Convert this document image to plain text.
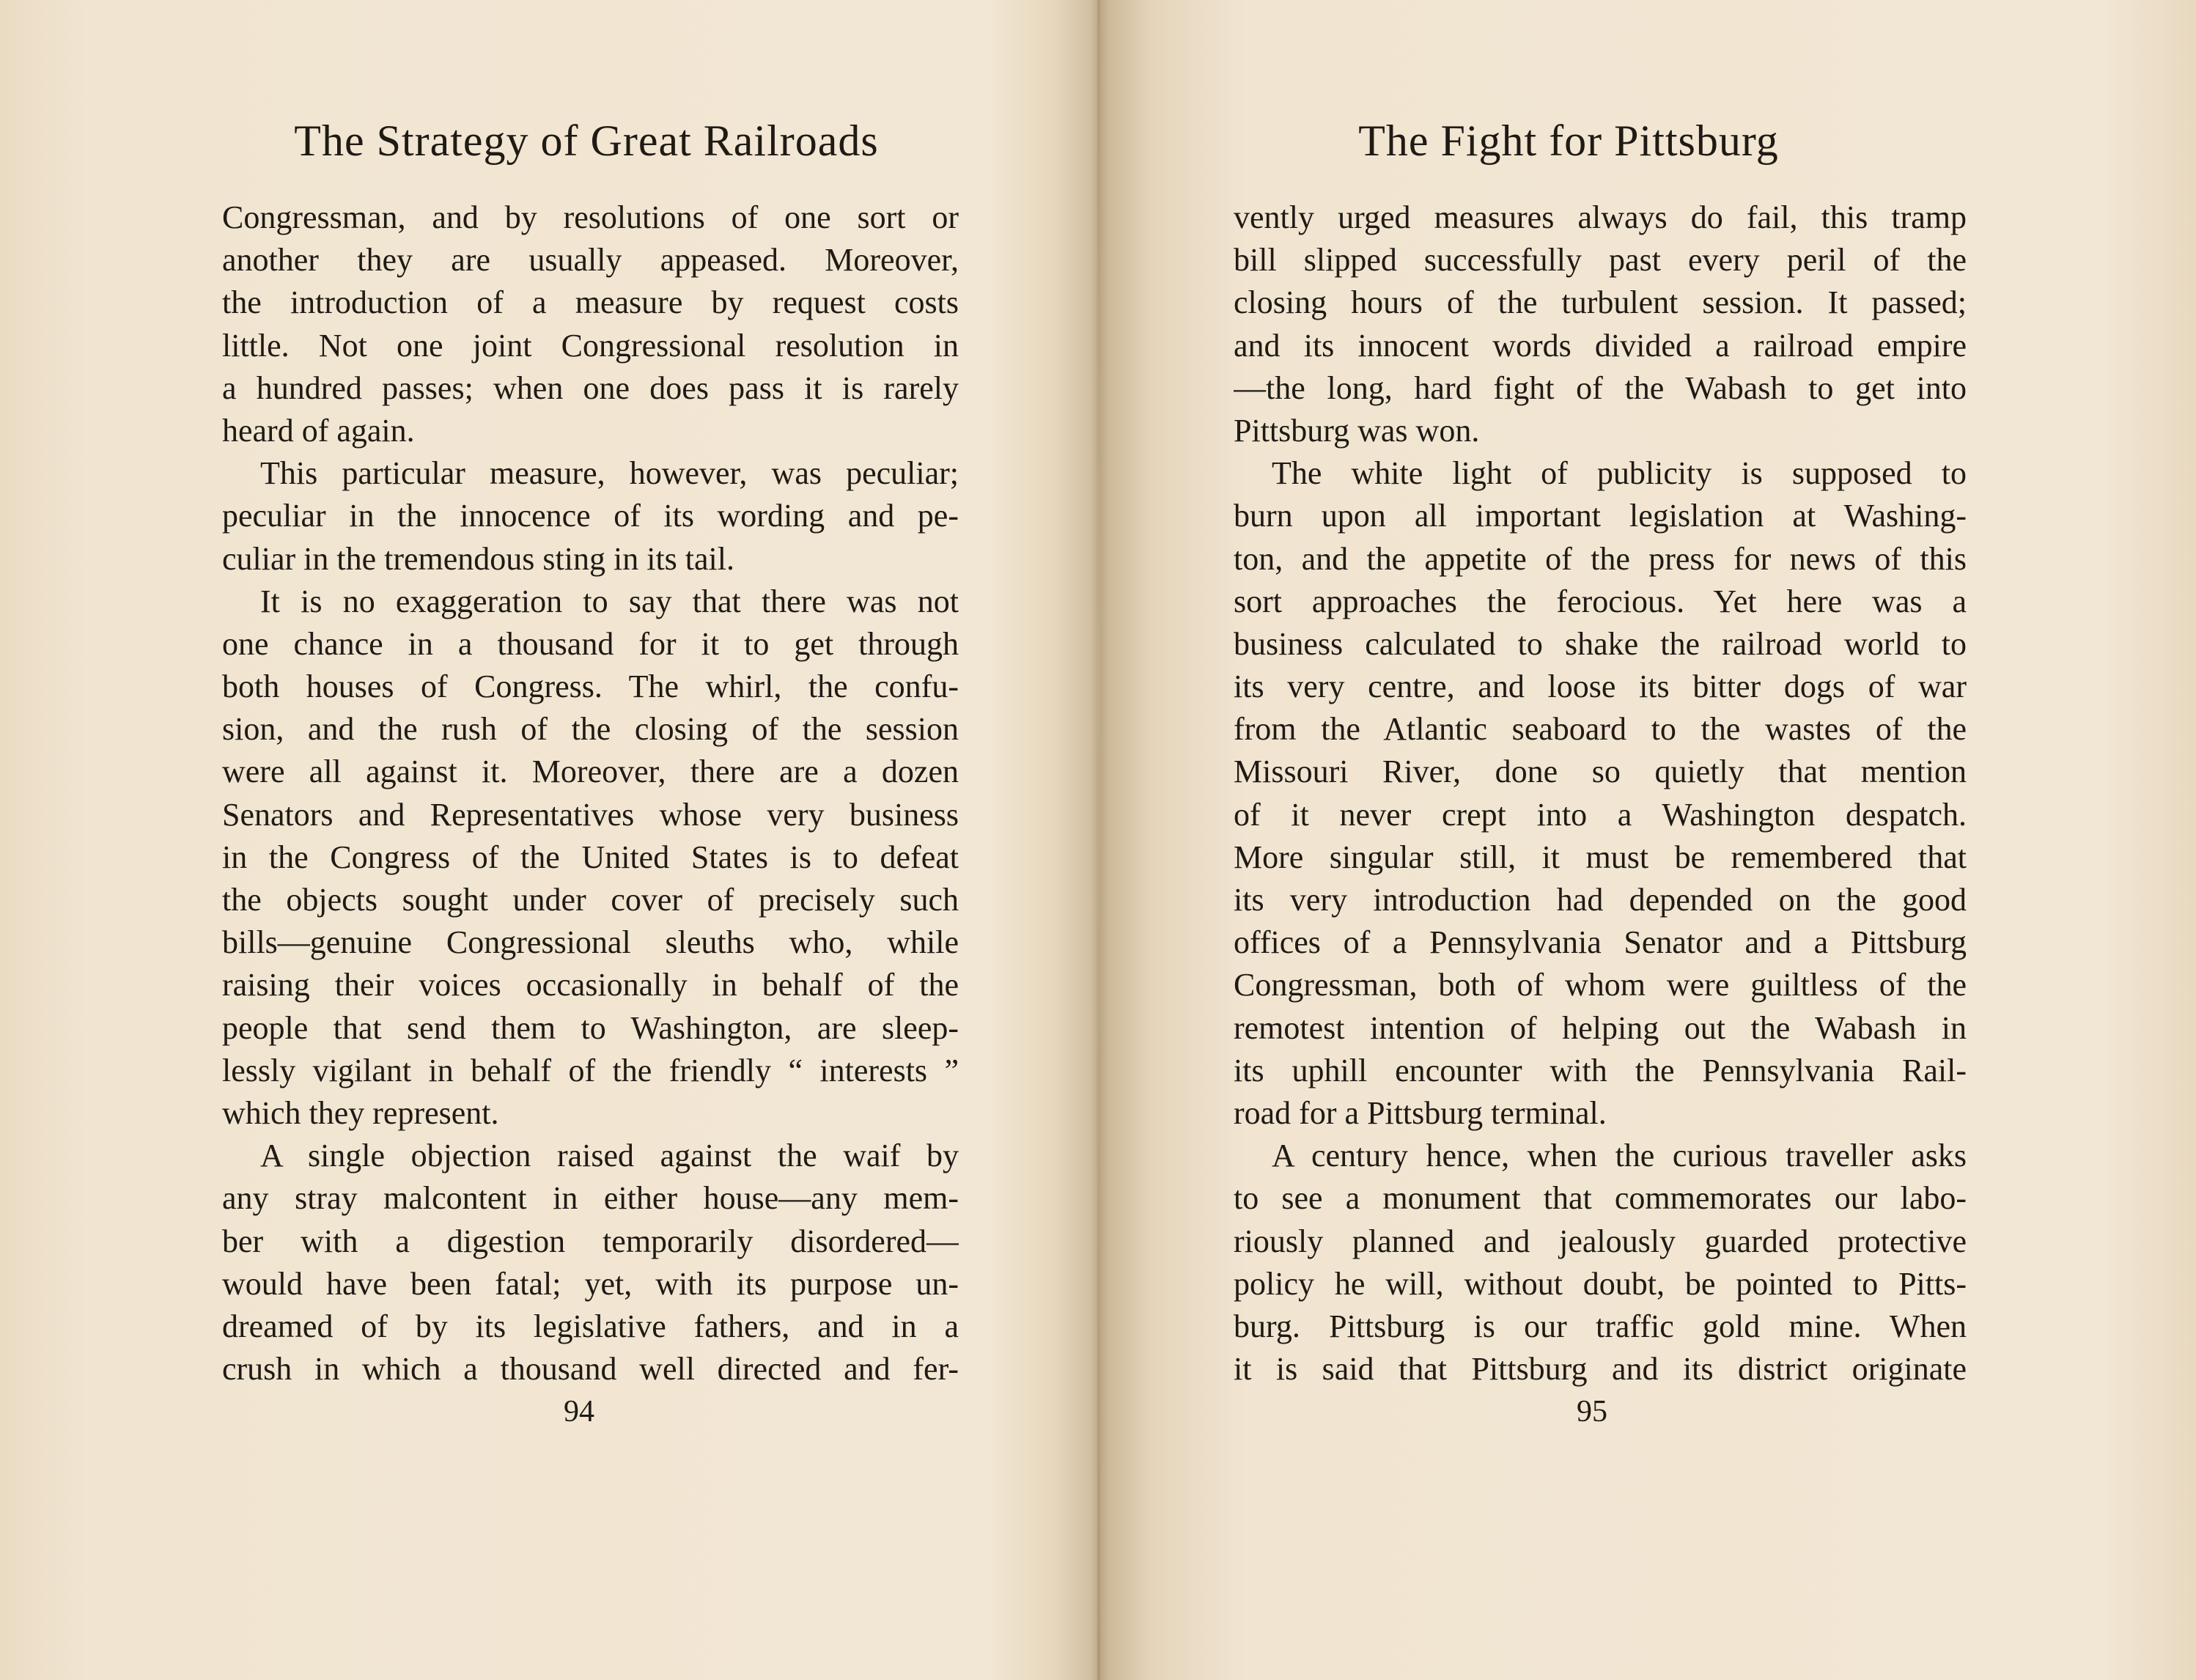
The Strategy of Great Railroads
Congressman, and by resolutions of one sort or
another they are usually appeased. Moreover,
the introduction of a measure by request costs
little. Not one joint Congressional resolution in
a hundred passes; when one does pass it is rarely
heard of again.
This particular measure, however, was peculiar;
peculiar in the innocence of its wording and pe-
culiar in the tremendous sting in its tail.
It is no exaggeration to say that there was not
one chance in a thousand for it to get through
both houses of Congress. The whirl, the confu-
sion, and the rush of the closing of the session
were all against it. Moreover, there are a dozen
Senators and Representatives whose very business
in the Congress of the United States is to defeat
the objects sought under cover of precisely such
bills—genuine Congressional sleuths who, while
raising their voices occasionally in behalf of the
people that send them to Washington, are sleep-
lessly vigilant in behalf of the friendly “ interests ”
which they represent.
A single objection raised against the waif by
any stray malcontent in either house—any mem-
ber with a digestion temporarily disordered—
would have been fatal; yet, with its purpose un-
dreamed of by its legislative fathers, and in a
crush in which a thousand well directed and fer-
94
The Fight for Pittsburg
vently urged measures always do fail, this tramp
bill slipped successfully past every peril of the
closing hours of the turbulent session. It passed;
and its innocent words divided a railroad empire
—the long, hard fight of the Wabash to get into
Pittsburg was won.
The white light of publicity is supposed to
burn upon all important legislation at Washing-
ton, and the appetite of the press for news of this
sort approaches the ferocious. Yet here was a
business calculated to shake the railroad world to
its very centre, and loose its bitter dogs of war
from the Atlantic seaboard to the wastes of the
Missouri River, done so quietly that mention
of it never crept into a Washington despatch.
More singular still, it must be remembered that
its very introduction had depended on the good
offices of a Pennsylvania Senator and a Pittsburg
Congressman, both of whom were guiltless of the
remotest intention of helping out the Wabash in
its uphill encounter with the Pennsylvania Rail-
road for a Pittsburg terminal.
A century hence, when the curious traveller asks
to see a monument that commemorates our labo-
riously planned and jealously guarded protective
policy he will, without doubt, be pointed to Pitts-
burg. Pittsburg is our traffic gold mine. When
it is said that Pittsburg and its district originate
95
